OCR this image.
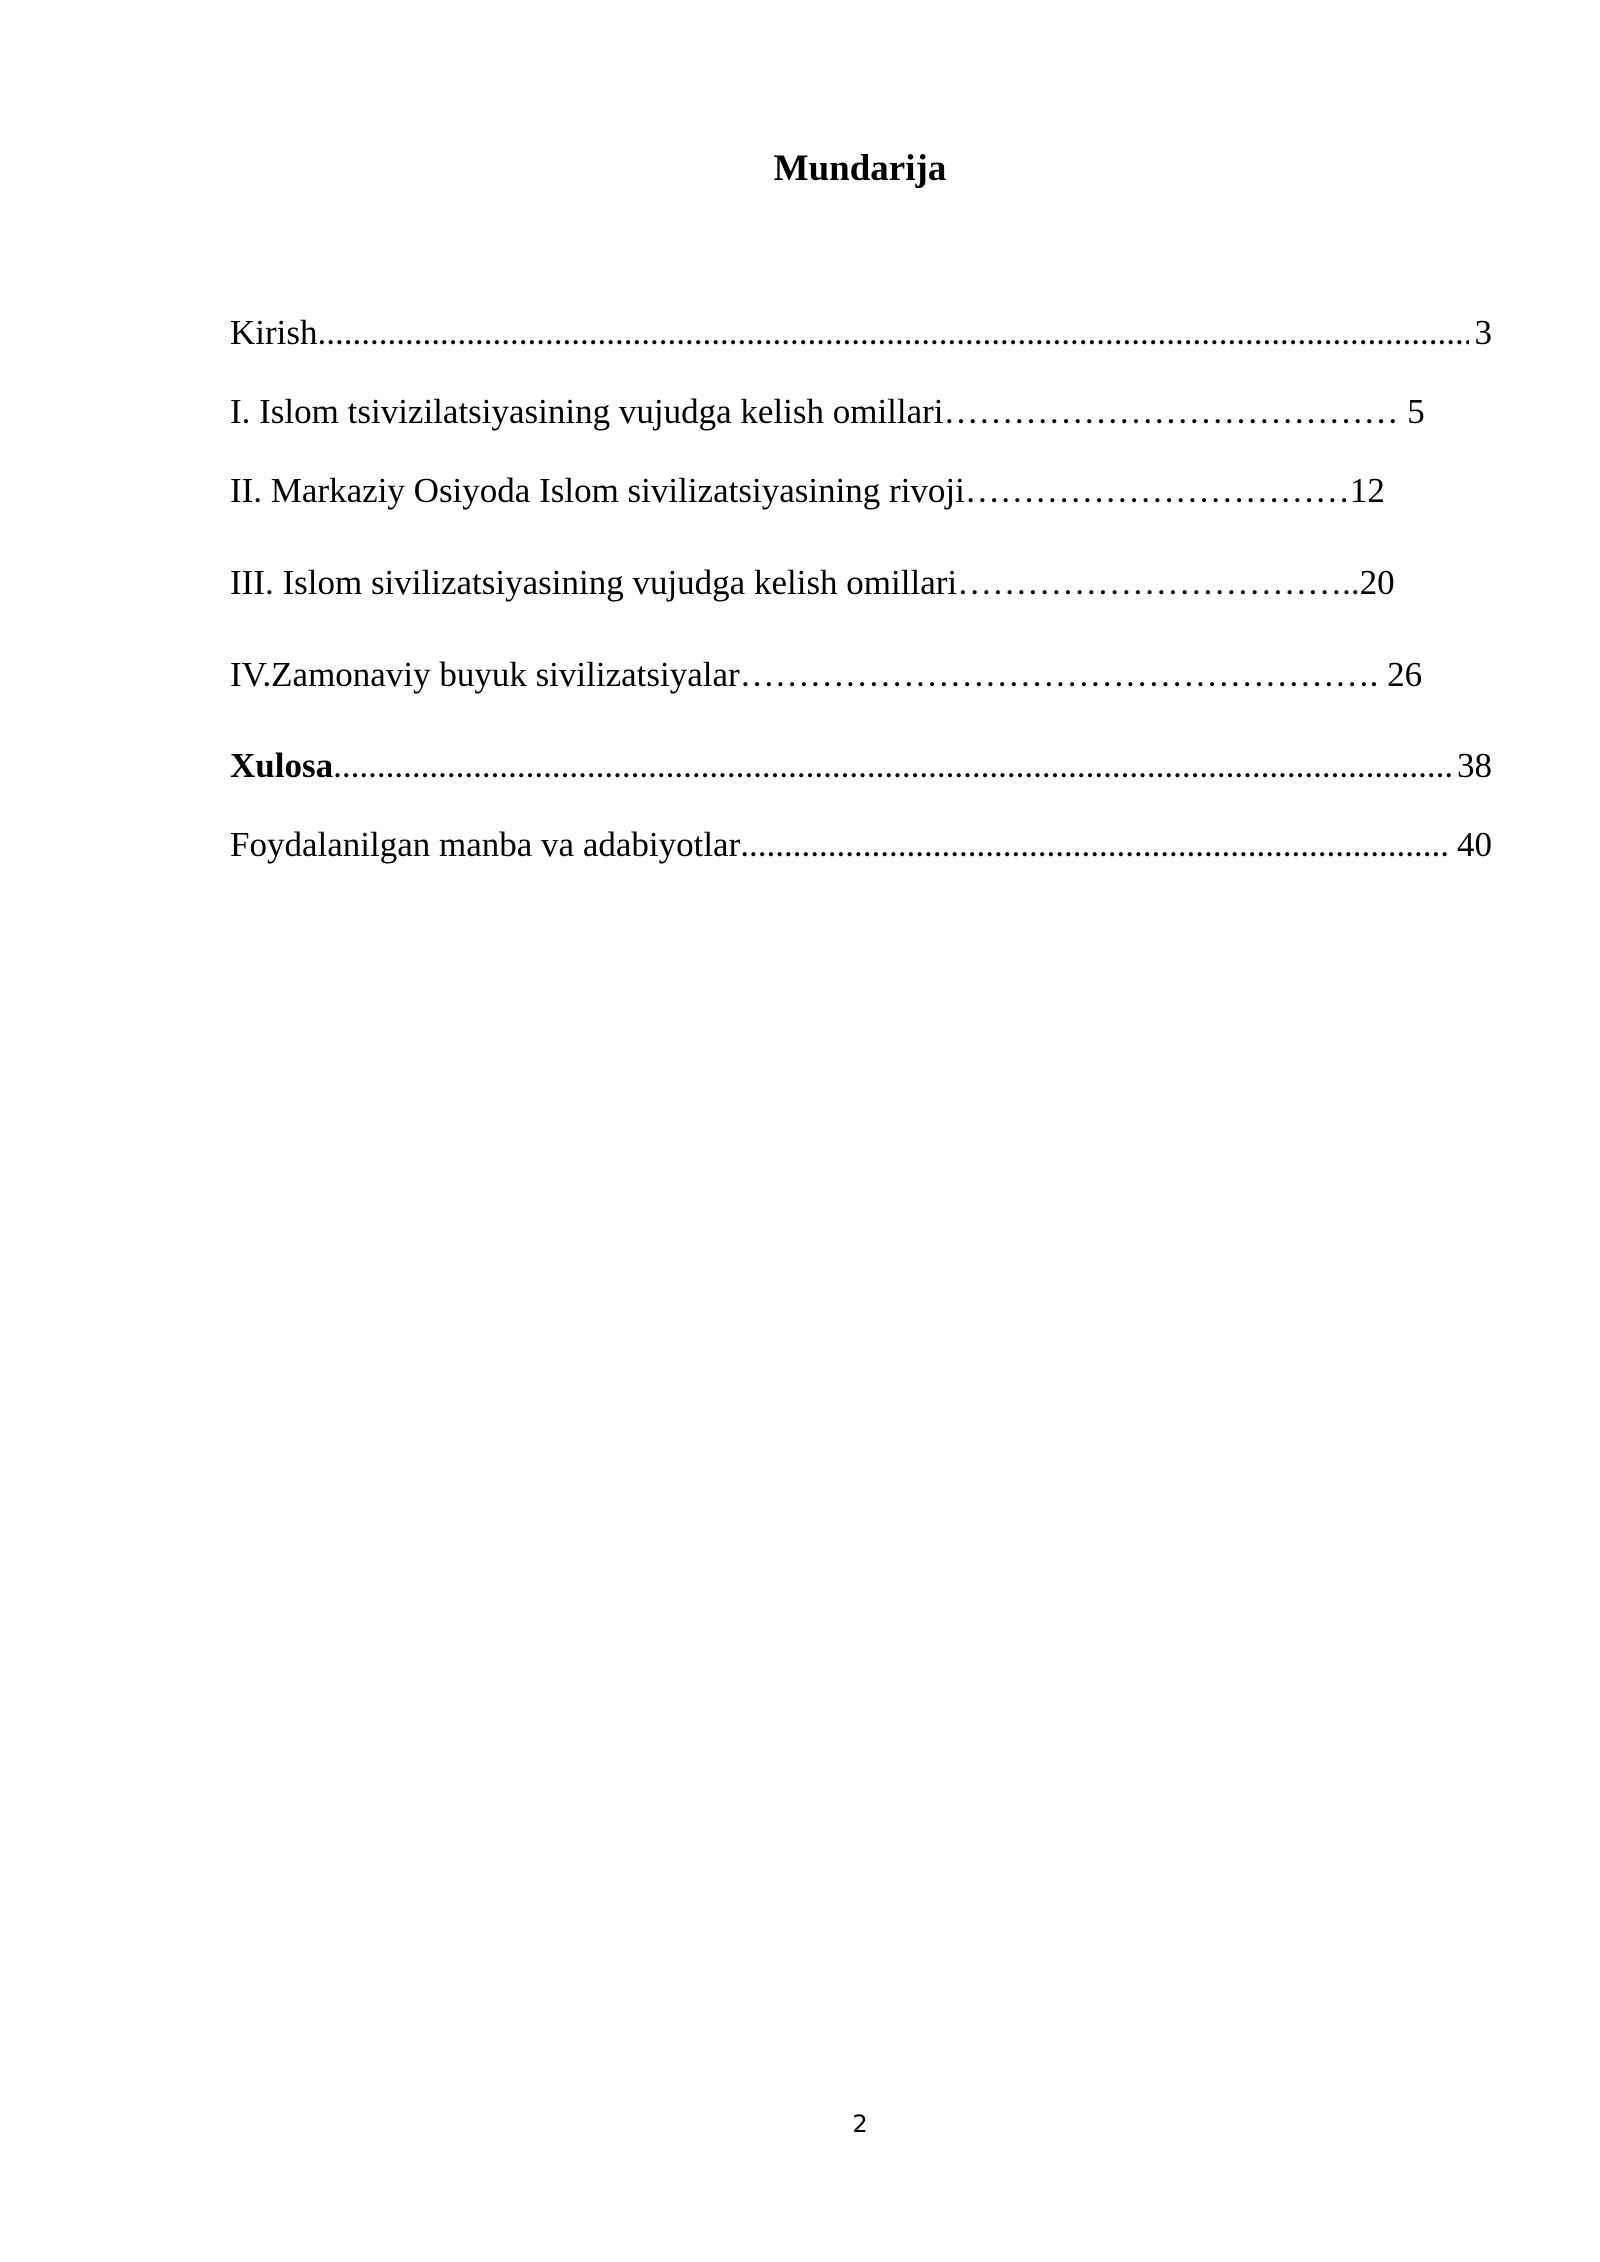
Mundarija
Kirish .....	3
I. Islom tsivizilatsiyasining vujudga kelish omillari………………………………… 5
II. Markaziy Osiyoda Islom sivilizatsiyasining rivoji……………………………12
III. Islom sivilizatsiyasining vujudga kelish omillari……………………………..20
IV.Zamonaviy buyuk sivilizatsiyalar………………………………………………. 26
Xulosa .....	38
Foydalanilgan manba va adabiyotlar .....	40
2
